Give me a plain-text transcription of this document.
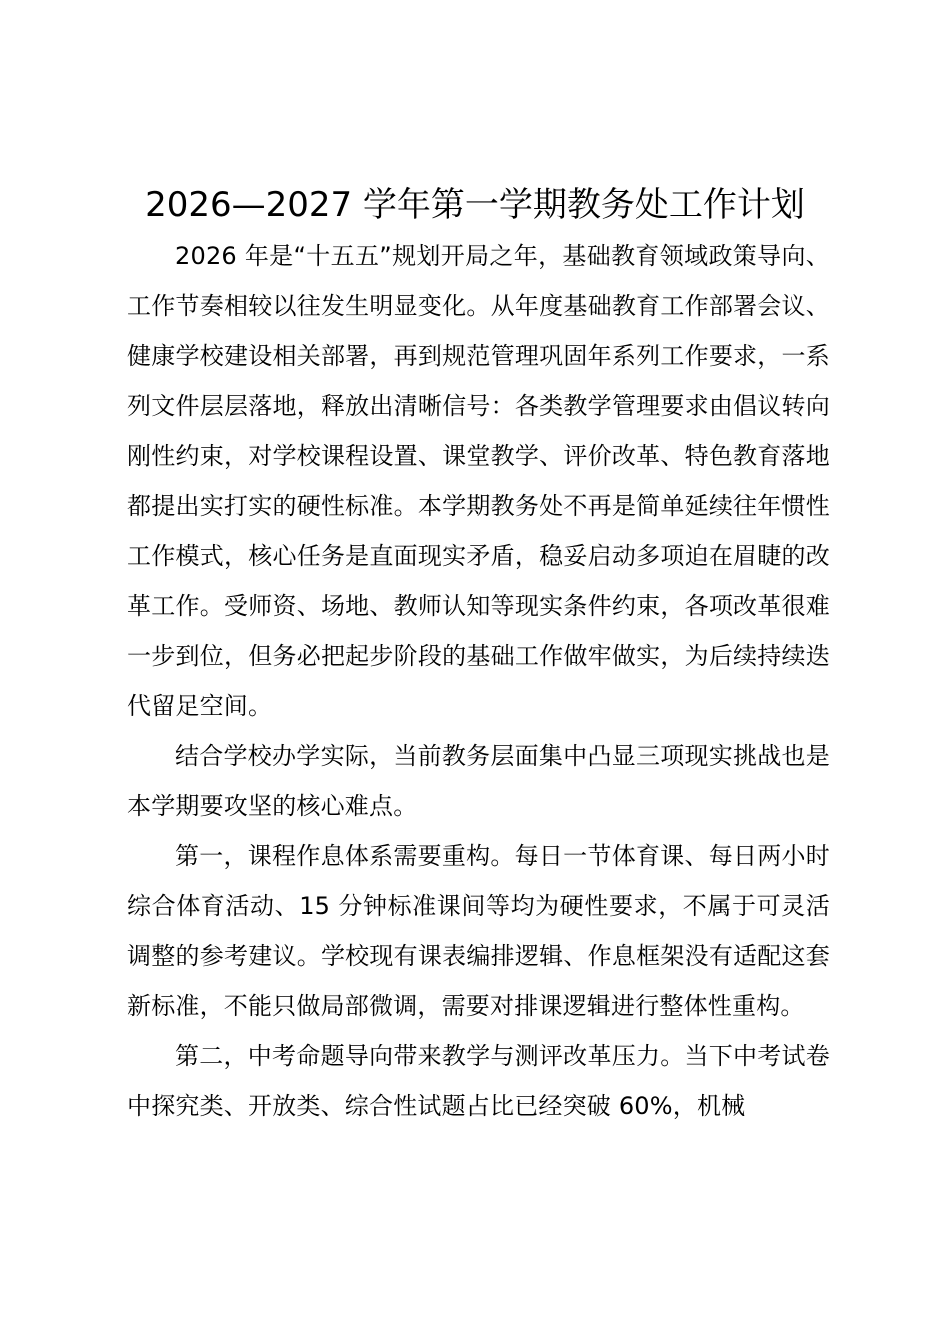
2026—2027 学年第一学期教务处工作计划

2026 年是“十五五”规划开局之年，基础教育领域政策导向、工作节奏相较以往发生明显变化。从年度基础教育工作部署会议、健康学校建设相关部署，再到规范管理巩固年系列工作要求，一系列文件层层落地，释放出清晰信号：各类教学管理要求由倡议转向刚性约束，对学校课程设置、课堂教学、评价改革、特色教育落地都提出实打实的硬性标准。本学期教务处不再是简单延续往年惯性工作模式，核心任务是直面现实矛盾，稳妥启动多项迫在眉睫的改革工作。受师资、场地、教师认知等现实条件约束，各项改革很难一步到位，但务必把起步阶段的基础工作做牢做实，为后续持续迭代留足空间。

结合学校办学实际，当前教务层面集中凸显三项现实挑战也是本学期要攻坚的核心难点。

第一，课程作息体系需要重构。每日一节体育课、每日两小时综合体育活动、15 分钟标准课间等均为硬性要求，不属于可灵活调整的参考建议。学校现有课表编排逻辑、作息框架没有适配这套新标准，不能只做局部微调，需要对排课逻辑进行整体性重构。

第二，中考命题导向带来教学与测评改革压力。当下中考试卷中探究类、开放类、综合性试题占比已经突破 60%，机械
